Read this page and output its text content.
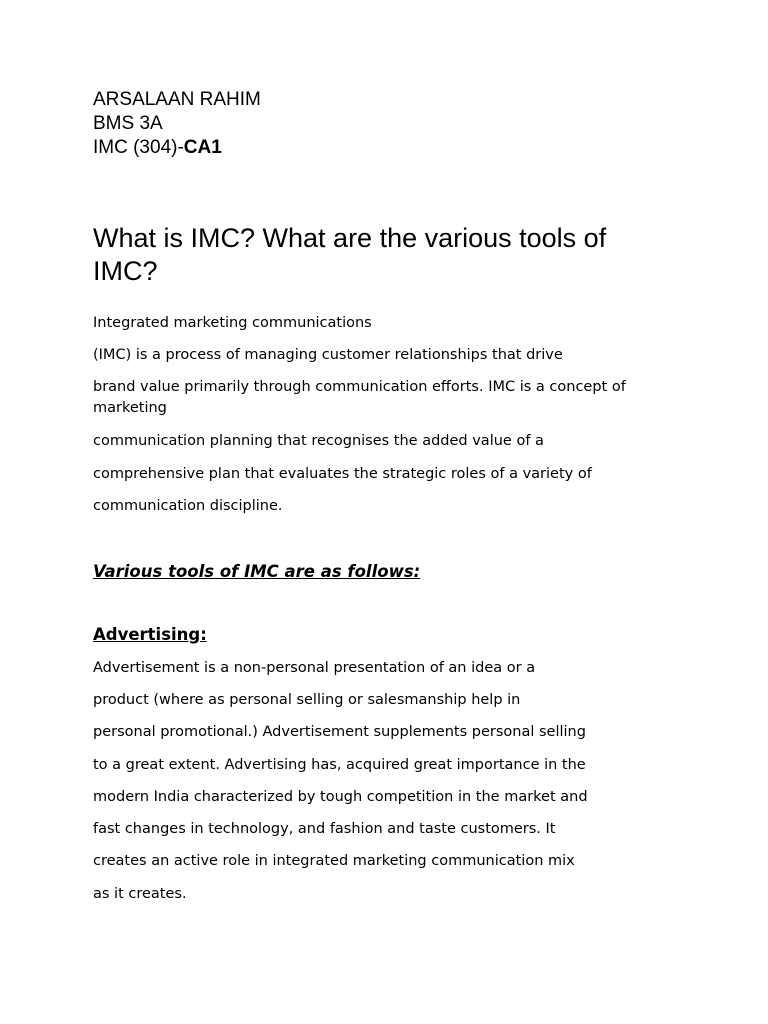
ARSALAAN RAHIM
BMS 3A
IMC (304)-CA1
What is IMC? What are the various tools of IMC?

Integrated marketing communications

(IMC) is a process of managing customer relationships that drive

brand value primarily through communication efforts. IMC is a concept of marketing

communication planning that recognises the added value of a

comprehensive plan that evaluates the strategic roles of a variety of

communication discipline.

Various tools of IMC are as follows:
Advertising:

Advertisement is a non-personal presentation of an idea or a

product (where as personal selling or salesmanship help in

personal promotional.) Advertisement supplements personal selling

to a great extent. Advertising has, acquired great importance in the

modern India characterized by tough competition in the market and

fast changes in technology, and fashion and taste customers. It

creates an active role in integrated marketing communication mix

as it creates.
